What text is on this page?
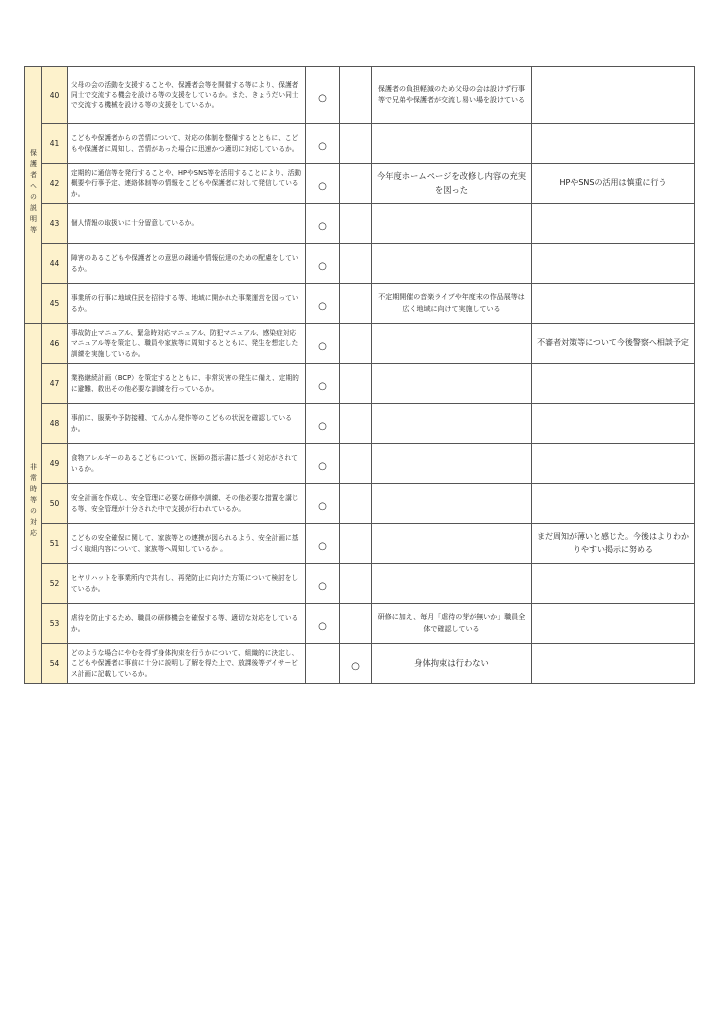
保護者への説明等	40	父母の会の活動を支援することや、保護者会等を開催する等により、保護者同士で交流する機会を設ける等の支援をしているか。また、きょうだい同士で交流する機械を設ける等の支援をしているか。	○		保護者の負担軽減のため父母の会は設けず行事等で兄弟や保護者が交流し易い場を設けている	
	41	こどもや保護者からの苦情について、対応の体制を整備するとともに、こどもや保護者に周知し、苦情があった場合に迅速かつ適切に対応しているか。	○			
	42	定期的に通信等を発行することや、HPやSNS等を活用することにより、活動概要や行事予定、連絡体制等の情報をこどもや保護者に対して発信しているか。	○		今年度ホームページを改修し内容の充実を図った	HPやSNSの活用は慎重に行う
	43	個人情報の取扱いに十分留意しているか。	○			
	44	障害のあるこどもや保護者との意思の疎通や情報伝達のための配慮をしているか。	○			
	45	事業所の行事に地域住民を招待する等、地域に開かれた事業運営を図っているか。	○		不定期開催の音楽ライブや年度末の作品展等は広く地域に向けて実施している	
非常時等の対応	46	事故防止マニュアル、緊急時対応マニュアル、防犯マニュアル、感染症対応マニュアル等を策定し、職員や家族等に周知するとともに、発生を想定した訓練を実施しているか。	○			不審者対策等について今後警察へ相談予定
	47	業務継続計画（BCP）を策定するとともに、非常災害の発生に備え、定期的に避難、救出その他必要な訓練を行っているか。	○			
	48	事前に、服薬や予防接種、てんかん発作等のこどもの状況を確認しているか。	○			
	49	食物アレルギーのあるこどもについて、医師の指示書に基づく対応がされているか。	○			
	50	安全計画を作成し、安全管理に必要な研修や訓練、その他必要な措置を講じる等、安全管理が十分された中で支援が行われているか。	○			
	51	こどもの安全確保に関して、家族等との連携が図られるよう、安全計画に基づく取組内容について、家族等へ周知しているか 。	○			まだ周知が薄いと感じた。今後はよりわかりやすい掲示に努める
	52	ヒヤリハットを事業所内で共有し、再発防止に向けた方策について検討をしているか。	○			
	53	虐待を防止するため、職員の研修機会を確保する等、適切な対応をしているか。	○		研修に加え、毎月「虐待の芽が無いか」職員全体で確認している	
	54	どのような場合にやむを得ず身体拘束を行うかについて、組織的に決定し、こどもや保護者に事前に十分に説明し了解を得た上で、放課後等デイサービス計画に記載しているか。		○	身体拘束は行わない	
